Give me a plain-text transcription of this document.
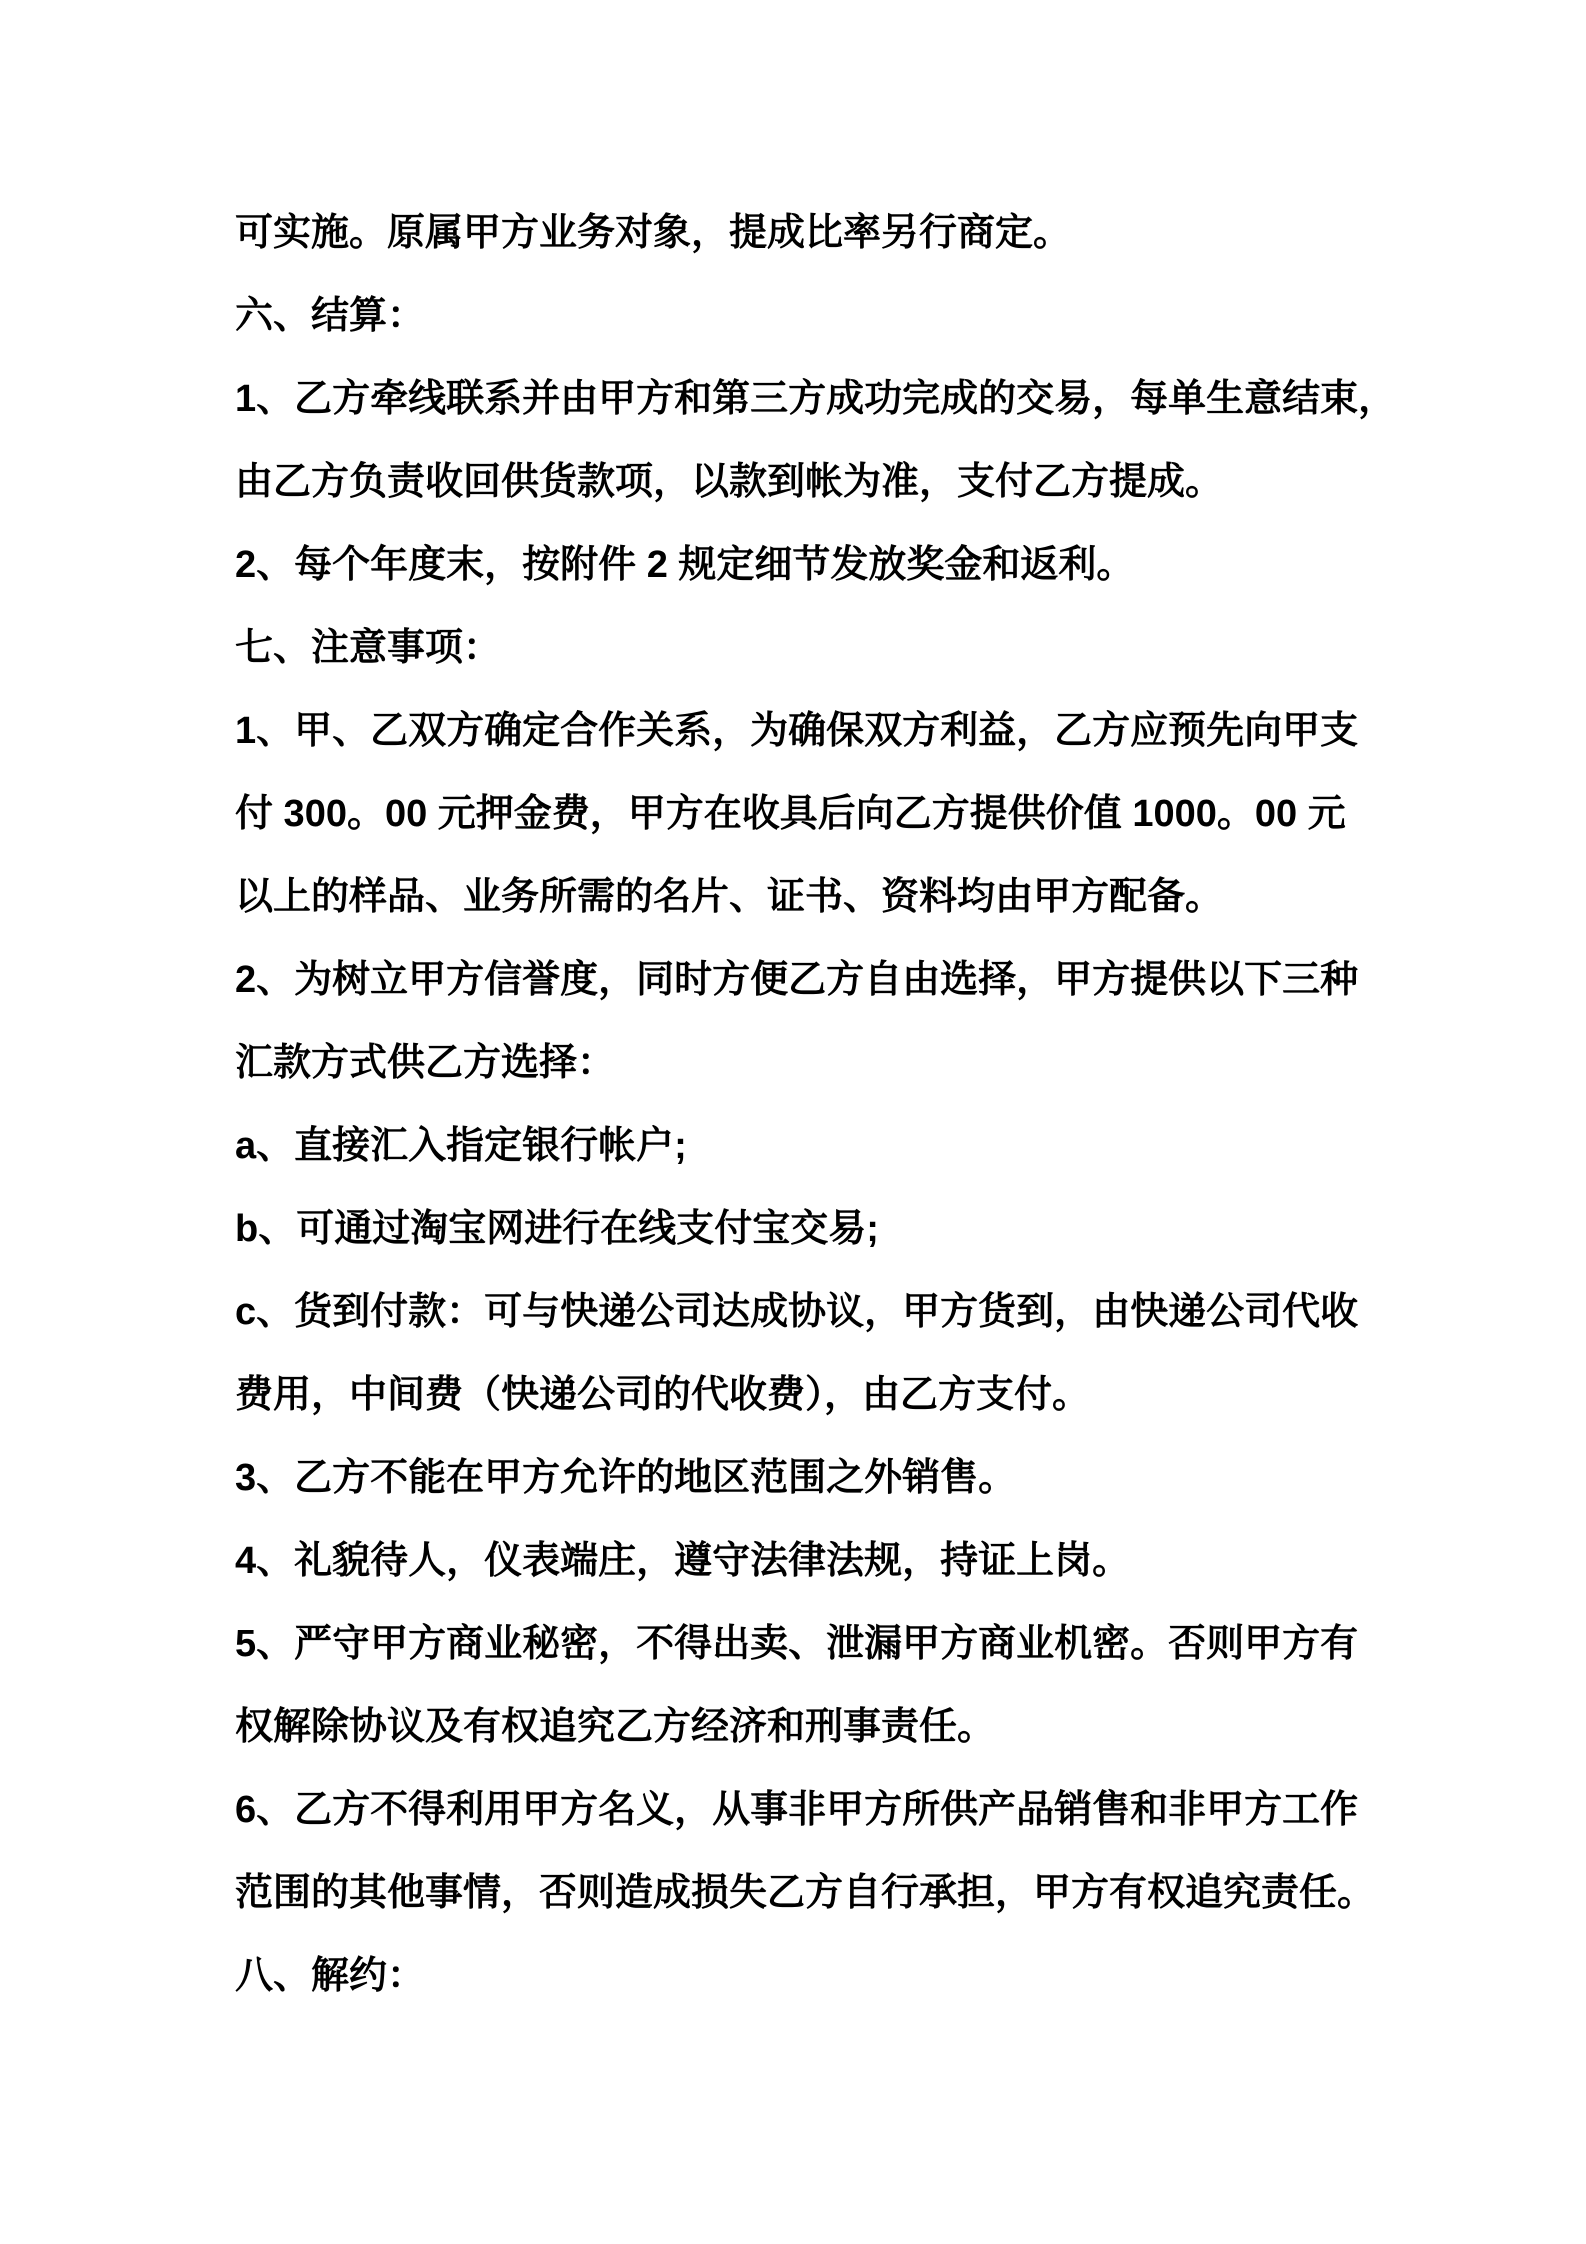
可实施。原属甲方业务对象，提成比率另行商定。

六、结算：

1、乙方牵线联系并由甲方和第三方成功完成的交易，每单生意结束，

由乙方负责收回供货款项，以款到帐为准，支付乙方提成。

2、每个年度末，按附件 2 规定细节发放奖金和返利。

七、注意事项：

1、甲、乙双方确定合作关系，为确保双方利益，乙方应预先向甲支

付 300。00 元押金费，甲方在收具后向乙方提供价值 1000。00 元

以上的样品、业务所需的名片、证书、资料均由甲方配备。

2、为树立甲方信誉度，同时方便乙方自由选择，甲方提供以下三种

汇款方式供乙方选择：

a、直接汇入指定银行帐户;

b、可通过淘宝网进行在线支付宝交易;

c、货到付款：可与快递公司达成协议，甲方货到，由快递公司代收

费用，中间费（快递公司的代收费），由乙方支付。

3、乙方不能在甲方允许的地区范围之外销售。

4、礼貌待人，仪表端庄，遵守法律法规，持证上岗。

5、严守甲方商业秘密，不得出卖、泄漏甲方商业机密。否则甲方有

权解除协议及有权追究乙方经济和刑事责任。

6、乙方不得利用甲方名义，从事非甲方所供产品销售和非甲方工作

范围的其他事情，否则造成损失乙方自行承担，甲方有权追究责任。

八、解约：
